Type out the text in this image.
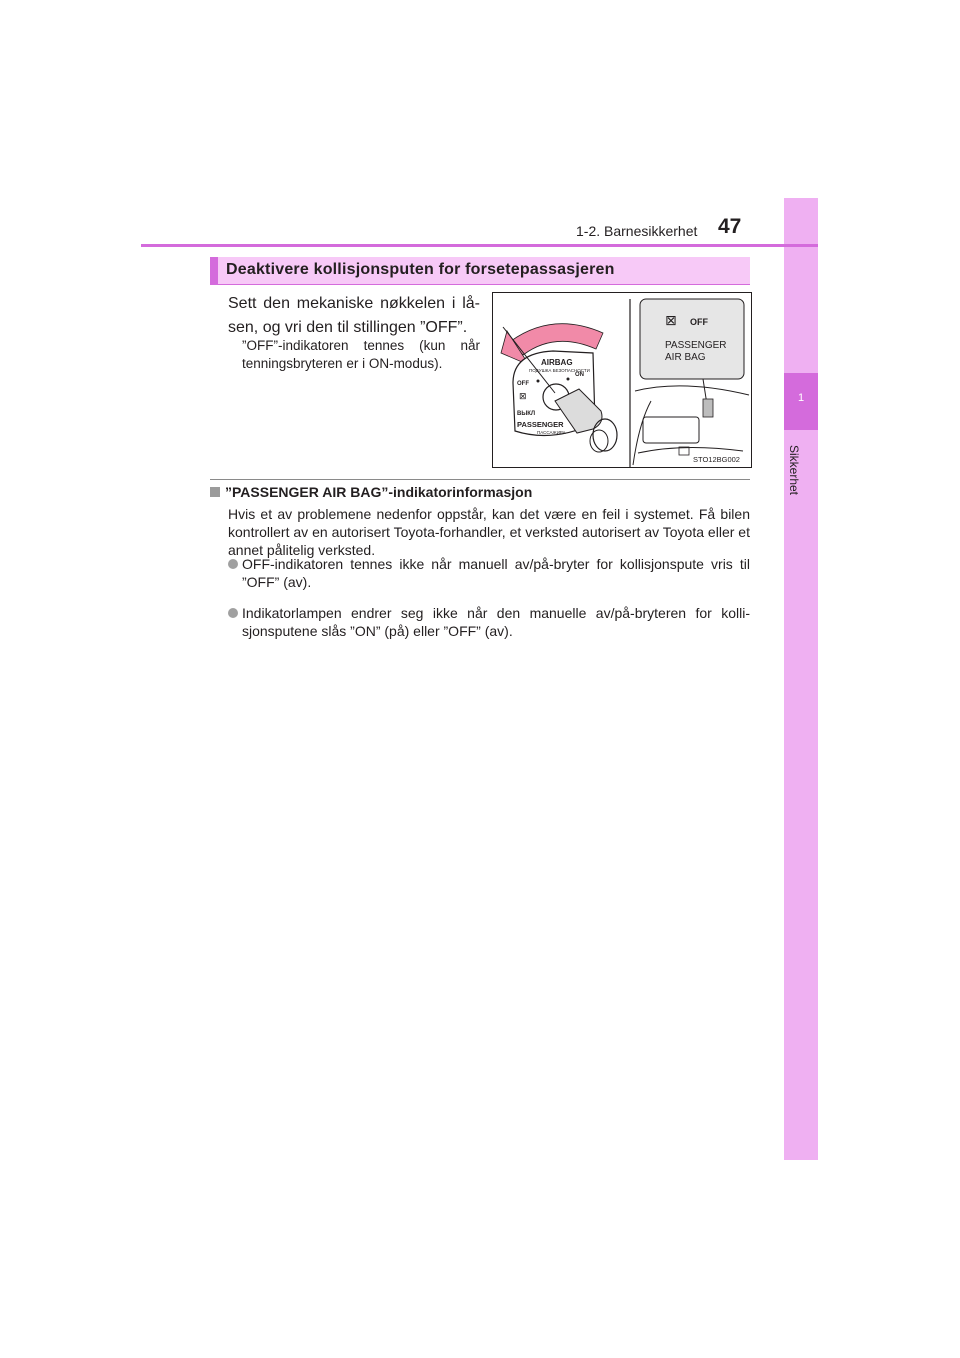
1
Sikkerhet
1-2. Barnesikkerhet 47
Deaktivere kollisjonsputen for forsetepassasjeren
Sett den mekaniske nøkkelen i lå-sen, og vri den til stillingen ”OFF”.
”OFF”-indikatoren tennes (kun når tenningsbryteren er i ON-modus).	AIRBAG
ПОДУШКА БЕЗОПАСНОСТИ
OFF
ON
ВЫКЛ
PASSENGER
ПАССАЖИРА
⊠
⊠ OFF
PASSENGER
AIR BAG
STO12BG002
”PASSENGER AIR BAG”-indikatorinformasjon
Hvis et av problemene nedenfor oppstår, kan det være en feil i systemet. Få bilen kontrollert av en autorisert Toyota-forhandler, et verksted autorisert av Toyota eller et annet pålitelig verksted.
OFF-indikatoren tennes ikke når manuell av/på-bryter for kollisjonspute vris til ”OFF” (av).
Indikatorlampen endrer seg ikke når den manuelle av/på-bryteren for kolli-sjonsputene slås ”ON” (på) eller ”OFF” (av).
